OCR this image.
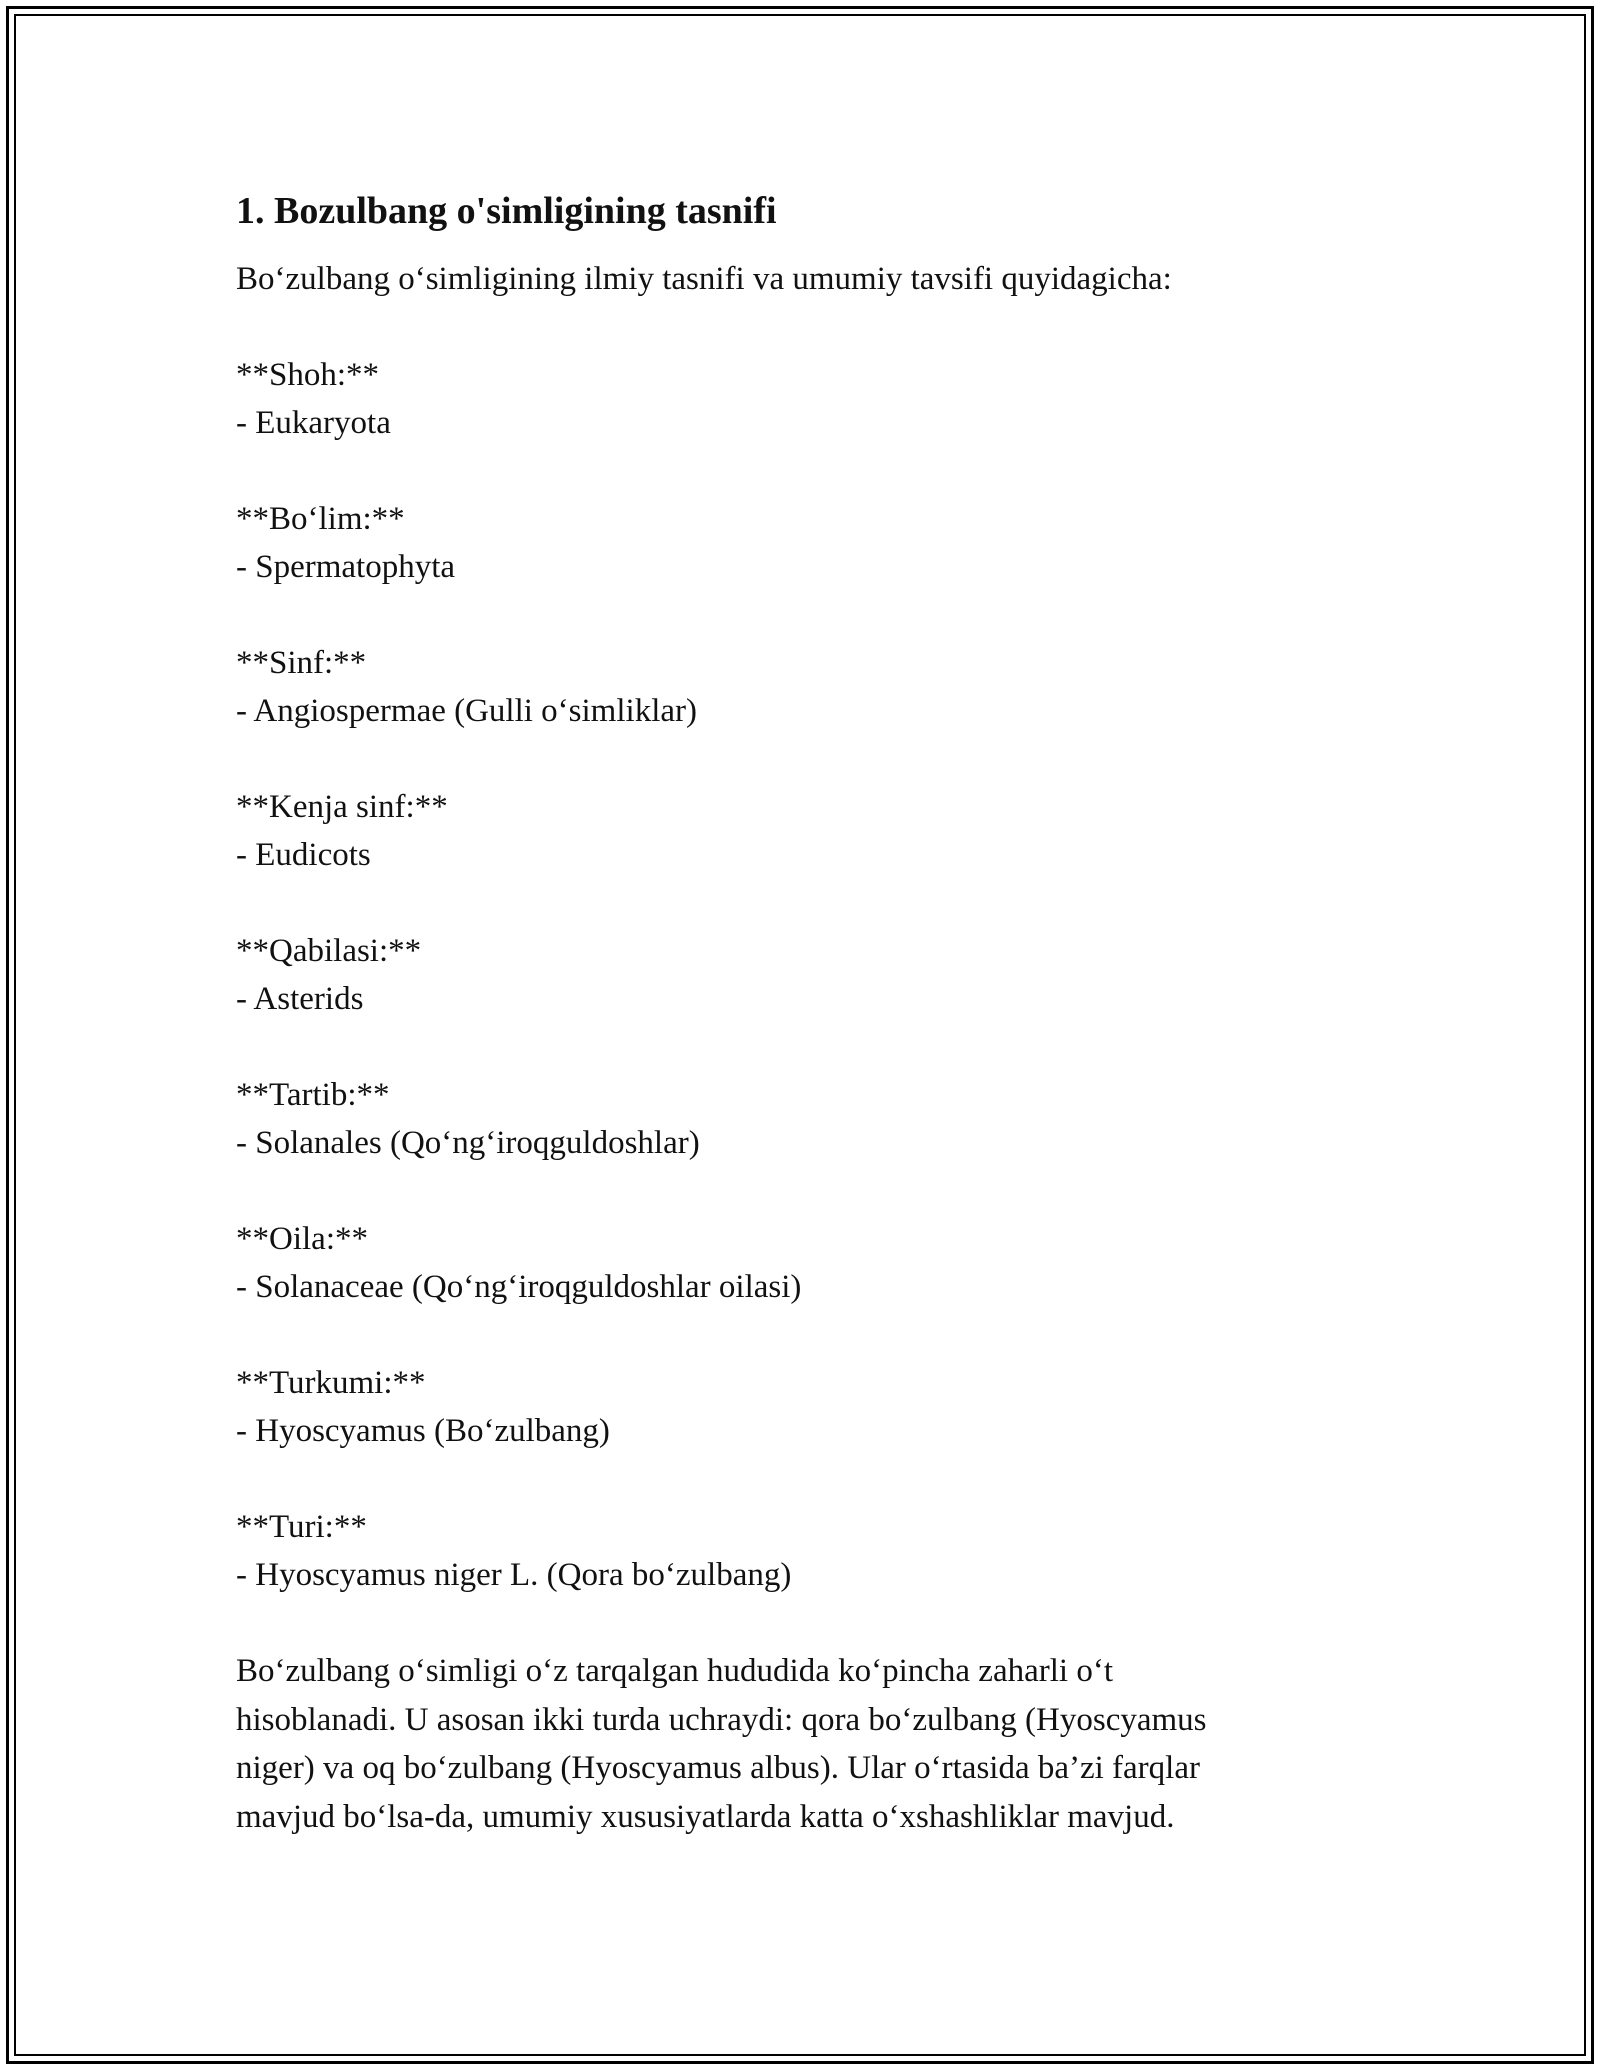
1. Bozulbang o'simligining tasnifi

Bo‘zulbang o‘simligining ilmiy tasnifi va umumiy tavsifi quyidagicha:

**Shoh:**
- Eukaryota
**Bo‘lim:**
- Spermatophyta
**Sinf:**
- Angiospermae (Gulli o‘simliklar)
**Kenja sinf:**
- Eudicots
**Qabilasi:**
- Asterids
**Tartib:**
- Solanales (Qo‘ng‘iroqguldoshlar)
**Oila:**
- Solanaceae (Qo‘ng‘iroqguldoshlar oilasi)
**Turkumi:**
- Hyoscyamus (Bo‘zulbang)
**Turi:**
- Hyoscyamus niger L. (Qora bo‘zulbang)

Bo‘zulbang o‘simligi o‘z tarqalgan hududida ko‘pincha zaharli o‘t
hisoblanadi. U asosan ikki turda uchraydi: qora bo‘zulbang (Hyoscyamus
niger) va oq bo‘zulbang (Hyoscyamus albus). Ular o‘rtasida ba’zi farqlar
mavjud bo‘lsa-da, umumiy xususiyatlarda katta o‘xshashliklar mavjud.
